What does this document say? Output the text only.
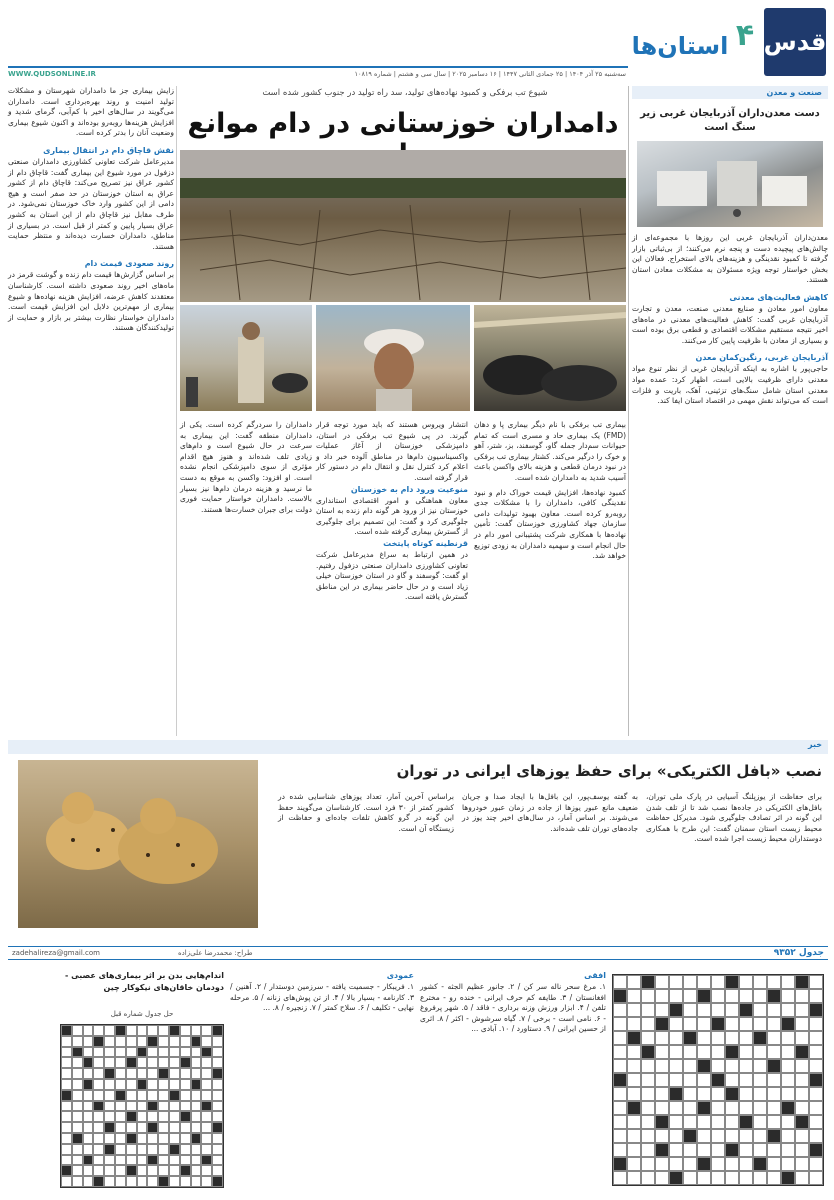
قدس
۴
استان‌ها
سه‌شنبه ۲۵ آذر ۱۴۰۴ | ۲۵ جمادی الثانی ۱۴۴۷ | ۱۶ دسامبر ۲۰۲۵ | سال سی و هشتم | شماره ۱۰۸۱۹
WWW.QUDSONLINE.IR
صنعت و معدن
دست معدن‌داران آذربایجان غربی زیر سنگ است
معدن‌داران آذربایجان غربی این روزها با مجموعه‌ای از چالش‌های پیچیده دست و پنجه نرم می‌کنند؛ از بی‌ثباتی بازار گرفته تا کمبود نقدینگی و هزینه‌های بالای استخراج. فعالان این بخش خواستار توجه ویژه مسئولان به مشکلات معادن استان هستند.
کاهش فعالیت‌های معدنی
معاون امور معادن و صنایع معدنی صنعت، معدن و تجارت آذربایجان غربی گفت: کاهش فعالیت‌های معدنی در ماه‌های اخیر نتیجه مستقیم مشکلات اقتصادی و قطعی برق بوده است و بسیاری از معادن با ظرفیت پایین کار می‌کنند.
آذربایجان غربی، رنگین‌کمان معدن
حاجی‌پور با اشاره به اینکه آذربایجان غربی از نظر تنوع مواد معدنی دارای ظرفیت بالایی است، اظهار کرد: عمده مواد معدنی استان شامل سنگ‌های تزئینی، آهک، باریت و فلزات است که می‌تواند نقش مهمی در اقتصاد استان ایفا کند.
شیوع تب برفکی و کمبود نهاده‌های تولید، سد راه تولید در جنوب کشور شده است
دامداران خوزستانی در دام موانع
بیماری تب برفکی با نام دیگر بیماری پا و دهان (FMD) یک بیماری حاد و مسری است که تمام حیوانات سم‌دار جمله گاو، گوسفند، بز، شتر، آهو و خوک را درگیر می‌کند. کشتار بیماری تب برفکی در نبود درمان قطعی و هزینه بالای واکسن باعث آسیب شدید به دامداران شده است.
کمبود نهاده‌ها، افزایش قیمت خوراک دام و نبود نقدینگی کافی، دامداران را با مشکلات جدی روبه‌رو کرده است. معاون بهبود تولیدات دامی سازمان جهاد کشاورزی خوزستان گفت: تأمین نهاده‌ها با همکاری شرکت پشتیبانی امور دام در حال انجام است و سهمیه دامداران به زودی توزیع خواهد شد.
انتشار ویروس هستند که باید مورد توجه قرار گیرند. در پی شیوع تب برفکی در استان، دامپزشکی خوزستان از آغاز عملیات واکسیناسیون دام‌ها در مناطق آلوده خبر داد و اعلام کرد کنترل نقل و انتقال دام در دستور کار قرار گرفته است.
منوعیت ورود دام به خوزستان
معاون هماهنگی و امور اقتصادی استانداری خوزستان نیز از ورود هر گونه دام زنده به استان جلوگیری کرد و گفت: این تصمیم برای جلوگیری از گسترش بیماری گرفته شده است.
قرنطینه کوتاه‌ پایتخت
در همین ارتباط به سراغ مدیرعامل شرکت تعاونی کشاورزی دامداران صنعتی دزفول رفتیم. او گفت: گوسفند و گاو در استان خوزستان خیلی زیاد است و در حال حاضر بیماری در این مناطق گسترش یافته است.
دامداران را سردرگم کرده است. یکی از دامداران منطقه گفت: این بیماری به سرعت در حال شیوع است و دام‌های زیادی تلف شده‌اند و هنوز هیچ اقدام مؤثری از سوی دامپزشکی انجام نشده است. او افزود: واکسن به موقع به دست ما نرسید و هزینه درمان دام‌ها نیز بسیار بالاست. دامداران خواستار حمایت فوری دولت برای جبران خسارت‌ها هستند.
زایش بیماری جز ما دامداران شهرستان و مشکلات تولید امنیت و روند بهره‌برداری است. دامداران می‌گویند در سال‌های اخیر با کم‌آبی، گرمای شدید و افزایش هزینه‌ها روبه‌رو بوده‌اند و اکنون شیوع بیماری وضعیت آنان را بدتر کرده است.
نقش قاچاق دام در انتقال بیماری
مدیرعامل شرکت تعاونی کشاورزی دامداران صنعتی دزفول در مورد شیوع این بیماری گفت: قاچاق دام از کشور عراق نیز تصریح می‌کند: قاچاق دام از کشور عراق به استان خوزستان در حد صفر است و هیچ دامی از این کشور وارد خاک خوزستان نمی‌شود. در طرف مقابل نیز قاچاق دام از این استان به کشور عراق بسیار پایین و کمتر از قبل است. در بسیاری از مناطق، دامداران خسارت دیده‌اند و منتظر حمایت هستند.
روند صعودی قیمت دام
بر اساس گزارش‌ها قیمت دام زنده و گوشت قرمز در ماه‌های اخیر روند صعودی داشته است. کارشناسان معتقدند کاهش عرضه، افزایش هزینه نهاده‌ها و شیوع بیماری از مهم‌ترین دلایل این افزایش قیمت است. دامداران خواستار نظارت بیشتر بر بازار و حمایت از تولیدکنندگان هستند.
خبر
نصب «بافل الکتریکی» برای حفظ یوزهای ایرانی در توران
برای حفاظت از یوزپلنگ آسیایی در پارک ملی توران، بافل‌های الکتریکی در جاده‌ها نصب شد تا از تلف شدن این گونه در اثر تصادف جلوگیری شود. مدیرکل حفاظت محیط زیست استان سمنان گفت: این طرح با همکاری دوستداران محیط زیست اجرا شده است.
به گفته یوسف‌پور، این بافل‌ها با ایجاد صدا و جریان ضعیف مانع عبور یوزها از جاده در زمان عبور خودروها می‌شوند. بر اساس آمار، در سال‌های اخیر چند یوز در جاده‌های توران تلف شده‌اند.
براساس آخرین آمار، تعداد یوزهای شناسایی شده در کشور کمتر از ۳۰ فرد است. کارشناسان می‌گویند حفظ این گونه در گرو کاهش تلفات جاده‌ای و حفاظت از زیستگاه آن است.
جدول ۹۳۵۲
طراح: محمدرضا علی‌زاده
zadehalireza@gmail.com
افقی
۱. مرغ سحر ناله سر کن / ۲. جانور عظیم الجثه - کشور افغانستان / ۳. طایفه کم حرف ایرانی - خنده رو - مخترع تلفن / ۴. ابزار ورزش وزنه برداری - فاقد / ۵. شهر پرفروغ - ۶. نامی است - برخی / ۷. گیاه سرشوش - اکثر / ۸. اثری از حسین ایرانی / ۹. دستاورد / ۱۰. آبادی ...
عمودی
۱. فریبکار - جسمیت یافته - سرزمین دوستدار / ۲. آهنین / ۳. کارنامه - بسیار بالا / ۴. از تن پوش‌های زنانه / ۵. مرحله نهایی - تکلیف / ۶. سلاح کمتر / ۷. زنجیره / ۸. ...
اندام‌هایی بدن بر اثر بیماری‌های عصبی - دودمان خاقان‌های نیکوکار چین
حل جدول شماره قبل
